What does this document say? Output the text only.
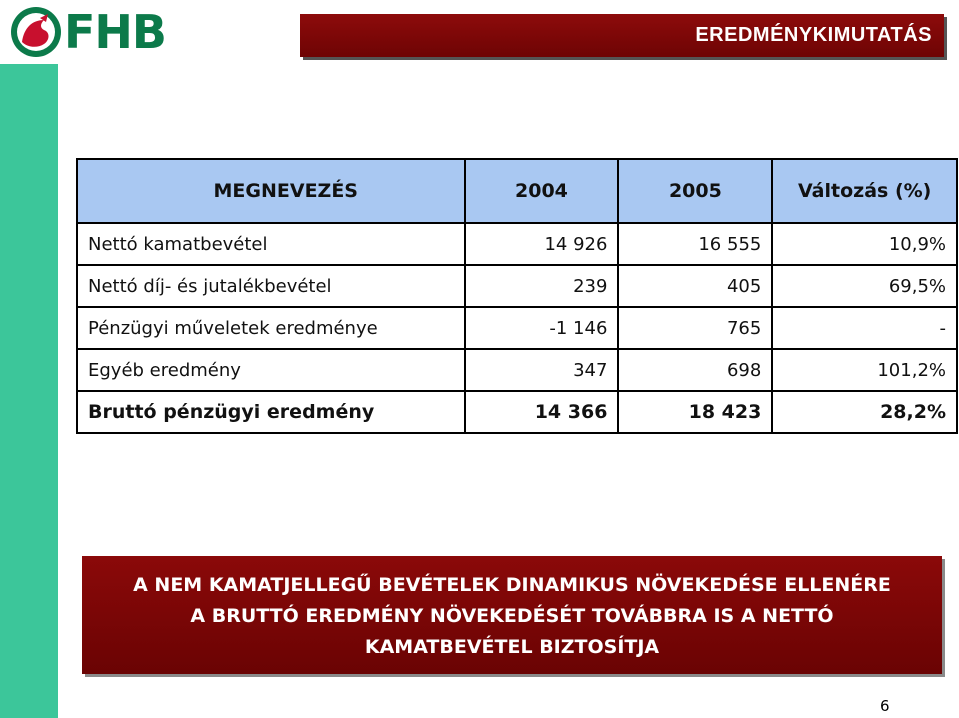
FHB	EREDMÉNYKIMUTATÁS
MEGNEVEZÉS	2004	2005	Változás (%)
Nettó kamatbevétel	14 926	16 555	10,9%
Nettó díj- és jutalékbevétel	239	405	69,5%
Pénzügyi műveletek eredménye	-1 146	765	-
Egyéb eredmény	347	698	101,2%
Bruttó pénzügyi eredmény	14 366	18 423	28,2%
A NEM KAMATJELLEGŰ BEVÉTELEK DINAMIKUS NÖVEKEDÉSE ELLENÉRE
A BRUTTÓ EREDMÉNY NÖVEKEDÉSÉT TOVÁBBRA IS A NETTÓ
KAMATBEVÉTEL BIZTOSÍTJA
6
